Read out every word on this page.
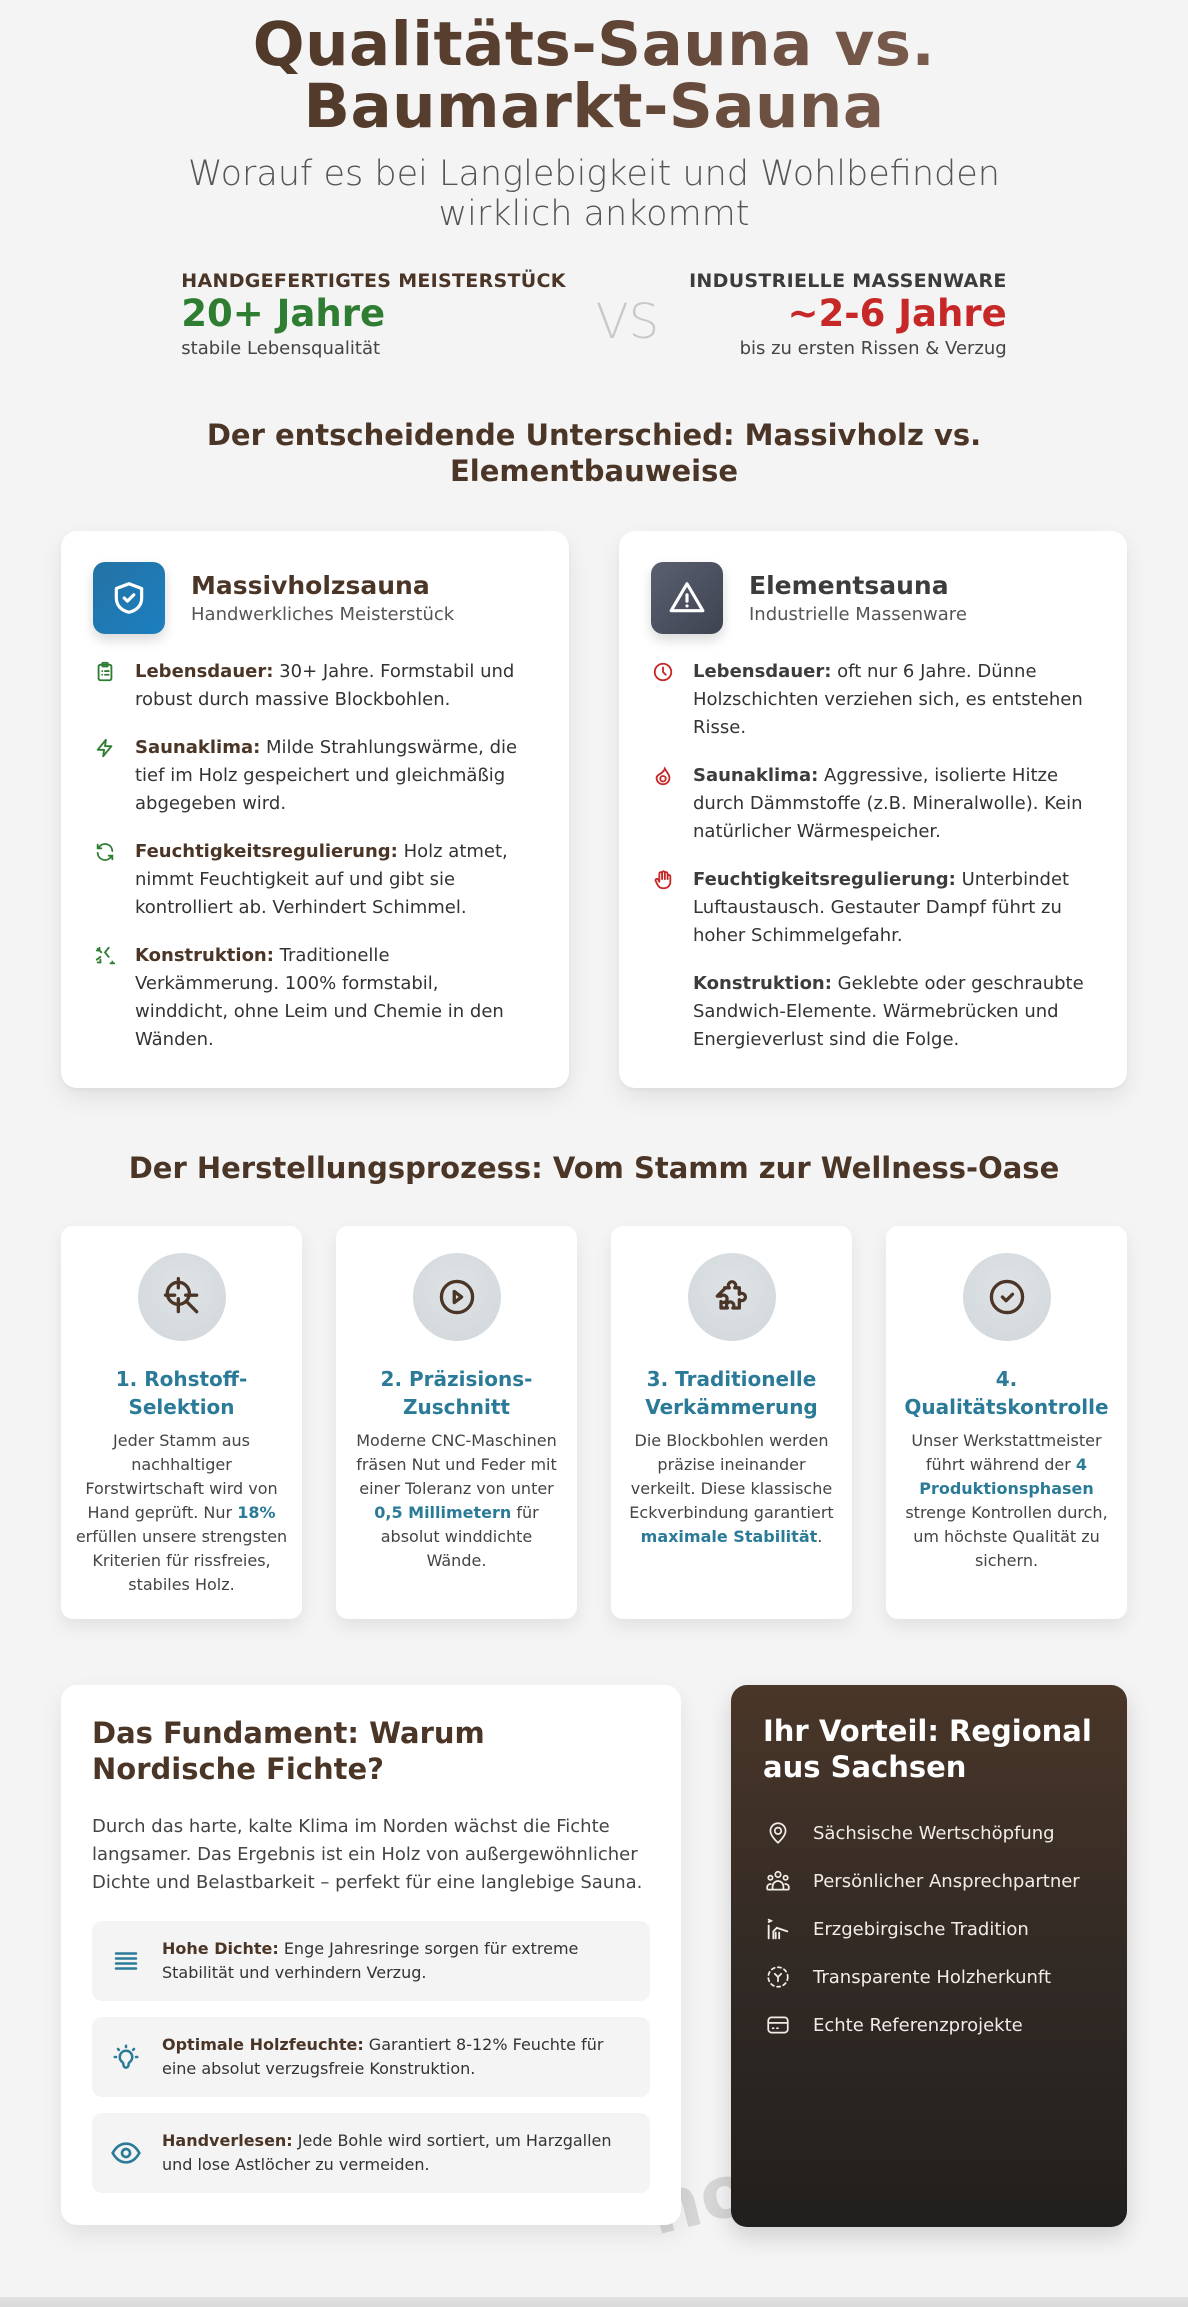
Qualitäts-Sauna vs. Baumarkt-Sauna

Worauf es bei Langlebigkeit und Wohlbefinden wirklich ankommt

HANDGEFERTIGTES MEISTERSTÜCK
20+ Jahre
stabile Lebensqualität	VS
INDUSTRIELLE MASSENWARE
~2-6 Jahre
bis zu ersten Rissen & Verzug
Der entscheidende Unterschied: Massivholz vs. Elementbauweise
Massivholzsauna
Handwerkliches Meisterstück

Lebensdauer: 30+ Jahre. Formstabil und robust durch massive Blockbohlen.

Saunaklima: Milde Strahlungswärme, die tief im Holz gespeichert und gleichmäßig abgegeben wird.

Feuchtigkeitsregulierung: Holz atmet, nimmt Feuchtigkeit auf und gibt sie kontrolliert ab. Verhindert Schimmel.

Konstruktion: Traditionelle Verkämmerung. 100% formstabil, winddicht, ohne Leim und Chemie in den Wänden.

Elementsauna
Industrielle Massenware

Lebensdauer: oft nur 6 Jahre. Dünne Holzschichten verziehen sich, es entstehen Risse.

Saunaklima: Aggressive, isolierte Hitze durch Dämmstoffe (z.B. Mineralwolle). Kein natürlicher Wärmespeicher.

Feuchtigkeitsregulierung: Unterbindet Luftaustausch. Gestauter Dampf führt zu hoher Schimmelgefahr.

Konstruktion: Geklebte oder geschraubte Sandwich-Elemente. Wärmebrücken und Energieverlust sind die Folge.

Der Herstellungsprozess: Vom Stamm zur Wellness-Oase
1. Rohstoff-Selektion

Jeder Stamm aus nachhaltiger Forstwirtschaft wird von Hand geprüft. Nur 18% erfüllen unsere strengsten Kriterien für rissfreies, stabiles Holz.

2. Präzisions-Zuschnitt

Moderne CNC-Maschinen fräsen Nut und Feder mit einer Toleranz von unter 0,5 Millimetern für absolut winddichte Wände.

3. Traditionelle Verkämmerung

Die Blockbohlen werden präzise ineinander verkeilt. Diese klassische Eckverbindung garantiert maximale Stabilität.

4. Qualitätskontrolle

Unser Werkstattmeister führt während der 4 Produktionsphasen strenge Kontrollen durch, um höchste Qualität zu sichern.

Das Fundament: Warum Nordische Fichte?

Durch das harte, kalte Klima im Norden wächst die Fichte langsamer. Das Ergebnis ist ein Holz von außergewöhnlicher Dichte und Belastbarkeit – perfekt für eine langlebige Sauna.

Hohe Dichte: Enge Jahresringe sorgen für extreme Stabilität und verhindern Verzug.

Optimale Holzfeuchte: Garantiert 8-12% Feuchte für eine absolut verzugsfreie Konstruktion.

Handverlesen: Jede Bohle wird sortiert, um Harzgallen und lose Astlöcher zu vermeiden.

Ihr Vorteil: Regional aus Sachsen
Sächsische Wertschöpfung
Persönlicher Ansprechpartner
Erzgebirgische Tradition
Transparente Holzherkunft
Echte Referenzprojekte
